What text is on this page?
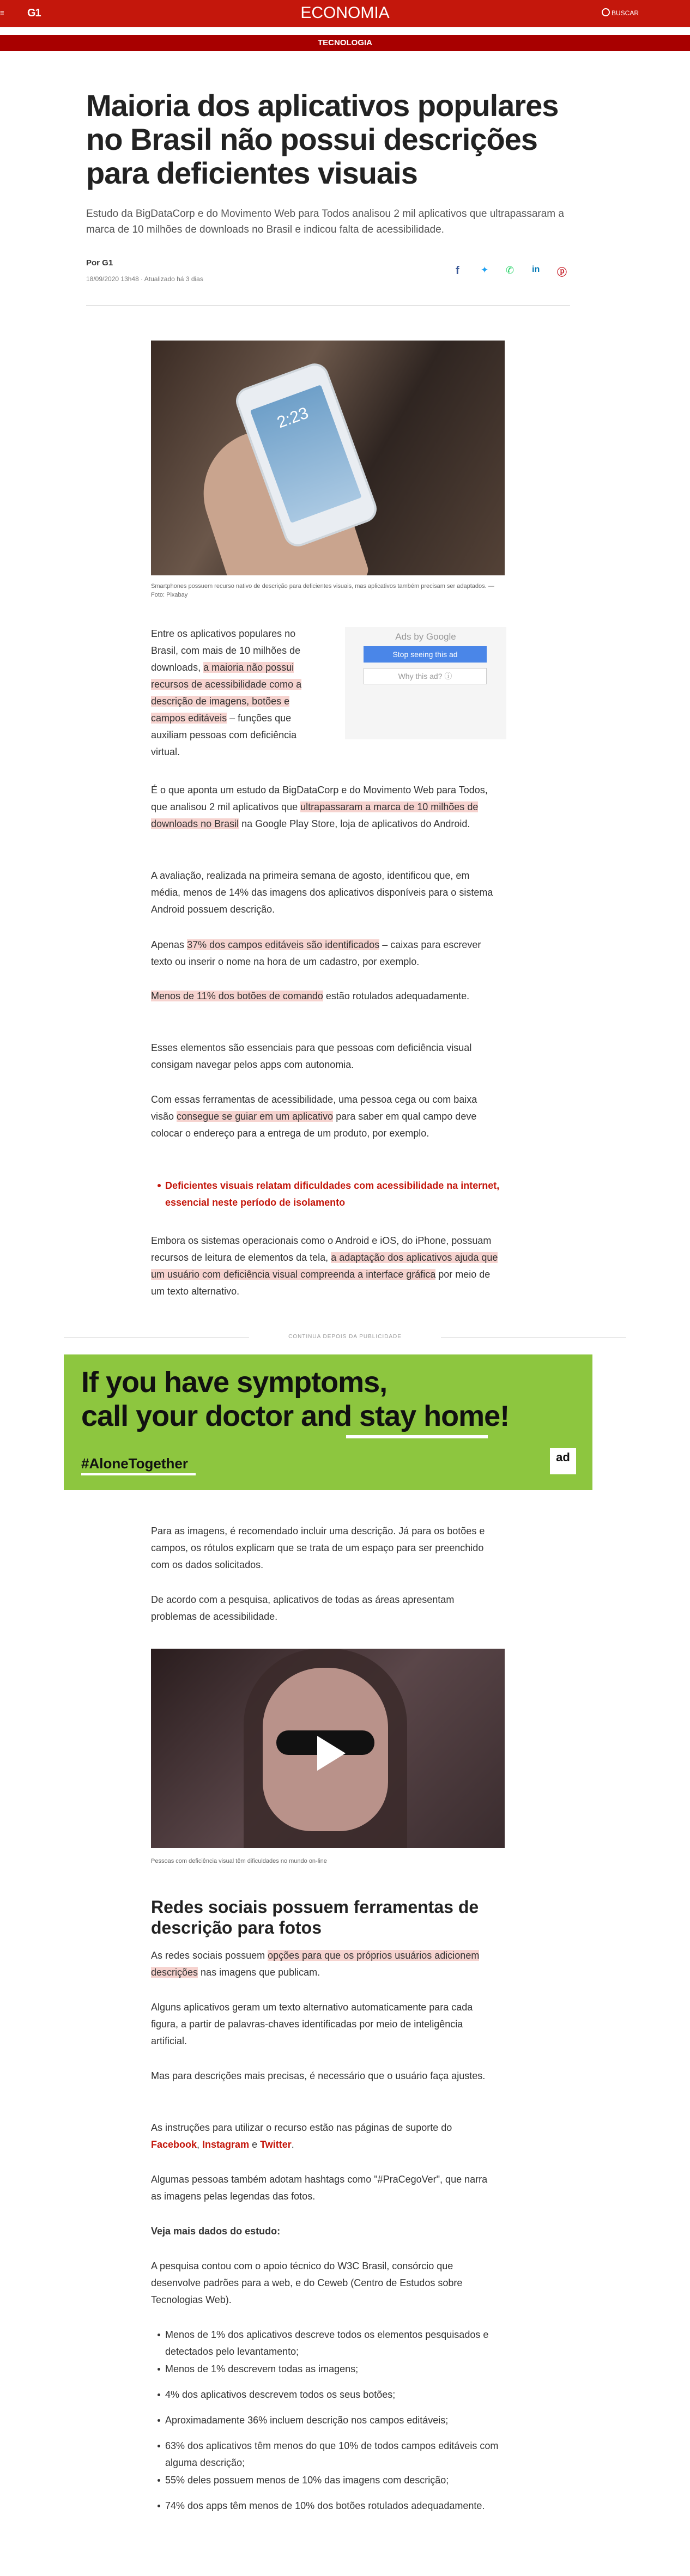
≡ G1	ECONOMIA	BUSCAR
TECNOLOGIA
Maioria dos aplicativos populares no Brasil não possui descrições para deficientes visuais

Estudo da BigDataCorp e do Movimento Web para Todos analisou 2 mil aplicativos que ultrapassaram a marca de 10 milhões de downloads no Brasil e indicou falta de acessibilidade.

Por G1
18/09/2020 13h48 · Atualizado há 3 dias
f ✦ ✆ in ⓟ
2:23

Smartphones possuem recurso nativo de descrição para deficientes visuais, mas aplicativos também precisam ser adaptados. — Foto: Pixabay

Entre os aplicativos populares no Brasil, com mais de 10 milhões de downloads, a maioria não possui recursos de acessibilidade como a descrição de imagens, botões e campos editáveis – funções que auxiliam pessoas com deficiência virtual.

Ads by Google
Stop seeing this ad
Why this ad? ⓘ

É o que aponta um estudo da BigDataCorp e do Movimento Web para Todos, que analisou 2 mil aplicativos que ultrapassaram a marca de 10 milhões de downloads no Brasil na Google Play Store, loja de aplicativos do Android.

A avaliação, realizada na primeira semana de agosto, identificou que, em média, menos de 14% das imagens dos aplicativos disponíveis para o sistema Android possuem descrição.

Apenas 37% dos campos editáveis são identificados – caixas para escrever texto ou inserir o nome na hora de um cadastro, por exemplo.

Menos de 11% dos botões de comando estão rotulados adequadamente.

Esses elementos são essenciais para que pessoas com deficiência visual consigam navegar pelos apps com autonomia.

Com essas ferramentas de acessibilidade, uma pessoa cega ou com baixa visão consegue se guiar em um aplicativo para saber em qual campo deve colocar o endereço para a entrega de um produto, por exemplo.

Deficientes visuais relatam dificuldades com acessibilidade na internet, essencial neste período de isolamento

Embora os sistemas operacionais como o Android e iOS, do iPhone, possuam recursos de leitura de elementos da tela, a adaptação dos aplicativos ajuda que um usuário com deficiência visual compreenda a interface gráfica por meio de um texto alternativo.

CONTINUA DEPOIS DA PUBLICIDADE
If you have symptoms,
call your doctor and stay home!
#AloneTogether	ad

Para as imagens, é recomendado incluir uma descrição. Já para os botões e campos, os rótulos explicam que se trata de um espaço para ser preenchido com os dados solicitados.

De acordo com a pesquisa, aplicativos de todas as áreas apresentam problemas de acessibilidade.

Pessoas com deficiência visual têm dificuldades no mundo on-line

Redes sociais possuem ferramentas de descrição para fotos

As redes sociais possuem opções para que os próprios usuários adicionem descrições nas imagens que publicam.

Alguns aplicativos geram um texto alternativo automaticamente para cada figura, a partir de palavras-chaves identificadas por meio de inteligência artificial.

Mas para descrições mais precisas, é necessário que o usuário faça ajustes.

As instruções para utilizar o recurso estão nas páginas de suporte do Facebook, Instagram e Twitter.

Algumas pessoas também adotam hashtags como "#PraCegoVer", que narra as imagens pelas legendas das fotos.

Veja mais dados do estudo:

A pesquisa contou com o apoio técnico do W3C Brasil, consórcio que desenvolve padrões para a web, e do Ceweb (Centro de Estudos sobre Tecnologias Web).

Menos de 1% dos aplicativos descreve todos os elementos pesquisados e detectados pelo levantamento;
Menos de 1% descrevem todas as imagens;
4% dos aplicativos descrevem todos os seus botões;
Aproximadamente 36% incluem descrição nos campos editáveis;
63% dos aplicativos têm menos do que 10% de todos campos editáveis com alguma descrição;
55% deles possuem menos de 10% das imagens com descrição;
74% dos apps têm menos de 10% dos botões rotulados adequadamente.
